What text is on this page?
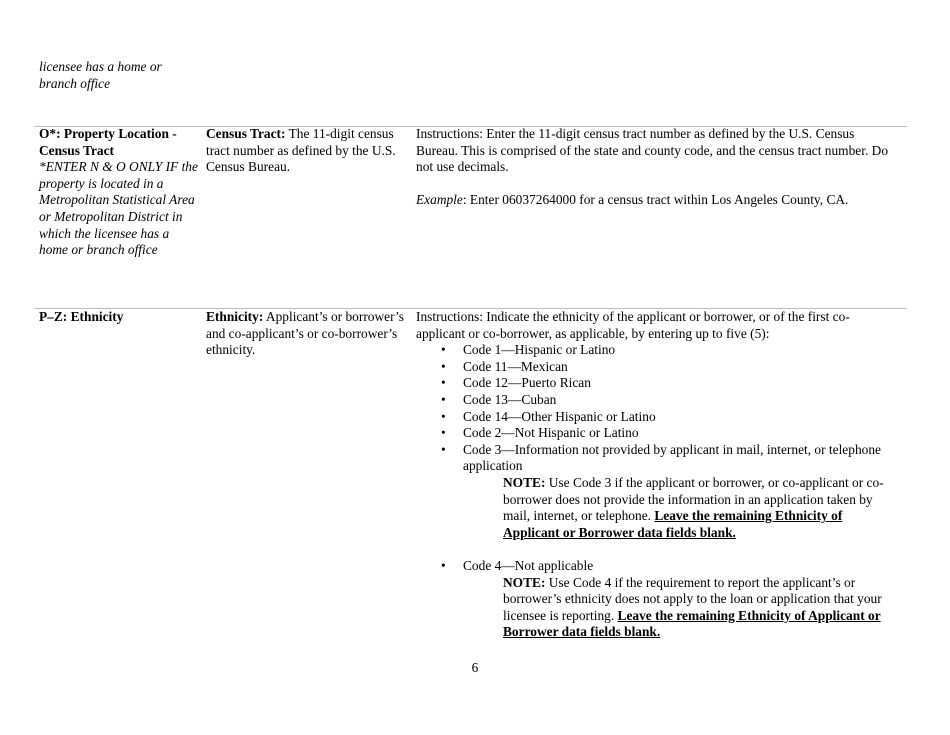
licensee has a home or branch office
O*: Property Location - Census Tract
*ENTER N & O ONLY IF the property is located in a Metropolitan Statistical Area or Metropolitan District in which the licensee has a home or branch office
Census Tract: The 11-digit census tract number as defined by the U.S. Census Bureau.
Instructions: Enter the 11-digit census tract number as defined by the U.S. Census Bureau. This is comprised of the state and county code, and the census tract number. Do not use decimals.
Example: Enter 06037264000 for a census tract within Los Angeles County, CA.
P–Z: Ethnicity	Ethnicity: Applicant’s or borrower’s and co-applicant’s or co-borrower’s ethnicity.
Instructions: Indicate the ethnicity of the applicant or borrower, or of the first co-applicant or co-borrower, as applicable, by entering up to five (5):
• Code 1—Hispanic or Latino
• Code 11—Mexican
• Code 12—Puerto Rican
• Code 13—Cuban
• Code 14—Other Hispanic or Latino
• Code 2—Not Hispanic or Latino
• Code 3—Information not provided by applicant in mail, internet, or telephone application
NOTE: Use Code 3 if the applicant or borrower, or co-applicant or co-borrower does not provide the information in an application taken by mail, internet, or telephone. Leave the remaining Ethnicity of Applicant or Borrower data fields blank.
• Code 4—Not applicable
NOTE: Use Code 4 if the requirement to report the applicant’s or borrower’s ethnicity does not apply to the loan or application that your licensee is reporting. Leave the remaining Ethnicity of Applicant or Borrower data fields blank.
6
